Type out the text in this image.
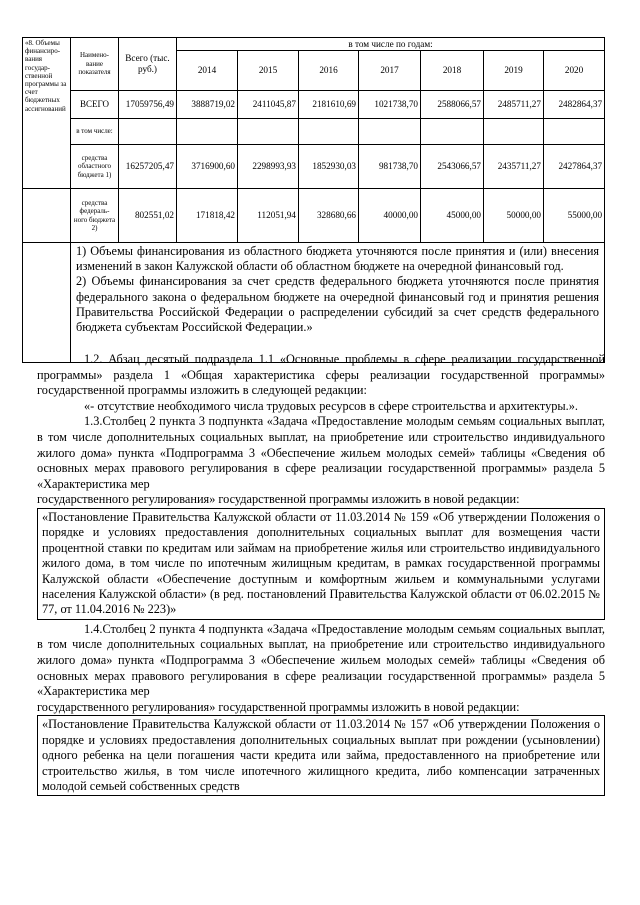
«8. Объемы финансиро-вания государ-ственной программы за счет бюджетных ассигнований	Наимено-вание показателя	Всего (тыс. руб.)	в том числе по годам:						
			2014	2015	2016	2017	2018	2019	2020
	ВСЕГО	17059756,49	3888719,02	2411045,87	2181610,69	1021738,70	2588066,57	2485711,27	2482864,37
	в том числе:								
	средства областного бюджета 1)	16257205,47	3716900,60	2298993,93	1852930,03	981738,70	2543066,57	2435711,27	2427864,37
	средства федераль-ного бюджета 2)	802551,02	171818,42	112051,94	328680,66	40000,00	45000,00	50000,00	55000,00

	1) Объемы финансирования из областного бюджета уточняются после принятия и (или) внесения изменений в закон Калужской области об областном бюджете на очередной финансовый год.

2) Объемы финансирования за счет средств федерального бюджета уточняются после принятия федерального закона о федеральном бюджете на очередной финансовый год и принятия решения Правительства Российской Федерации о распределении субсидий за счет средств федерального бюджета субъектам Российской Федерации.»								

1.2. Абзац десятый подраздела 1.1 «Основные проблемы в сфере реализации государственной программы» раздела 1 «Общая характеристика сферы реализации государственной программы» государственной программы изложить в следующей редакции:

«- отсутствие необходимого числа трудовых ресурсов в сфере строительства и архитектуры.».

1.3.Столбец 2 пункта 3 подпункта «Задача «Предоставление молодым семьям социальных выплат, в том числе дополнительных социальных выплат, на приобретение или строительство индивидуального жилого дома» пункта «Подпрограмма 3 «Обеспечение жильем молодых семей» таблицы «Сведения об основных мерах правового регулирования в сфере реализации государственной программы» раздела 5 «Характеристика мер

государственного регулирования» государственной программы изложить в новой редакции:

«Постановление Правительства Калужской области от 11.03.2014 № 159 «Об утверждении Положения о порядке и условиях предоставления дополнительных социальных выплат для возмещения части процентной ставки по кредитам или займам на приобретение жилья или строительство индивидуального жилого дома, в том числе по ипотечным жилищным кредитам, в рамках государственной программы Калужской области «Обеспечение доступным и комфортным жильем и коммунальными услугами населения Калужской области» (в ред. постановлений Правительства Калужской области от 06.02.2015 № 77, от 11.04.2016 № 223)»

1.4.Столбец 2 пункта 4 подпункта «Задача «Предоставление молодым семьям социальных выплат, в том числе дополнительных социальных выплат, на приобретение или строительство индивидуального жилого дома» пункта «Подпрограмма 3 «Обеспечение жильем молодых семей» таблицы «Сведения об основных мерах правового регулирования в сфере реализации государственной программы» раздела 5 «Характеристика мер

государственного регулирования» государственной программы изложить в новой редакции:

«Постановление Правительства Калужской области от 11.03.2014 № 157 «Об утверждении Положения о порядке и условиях предоставления дополнительных социальных выплат при рождении (усыновлении) одного ребенка на цели погашения части кредита или займа, предоставленного на приобретение или строительство жилья, в том числе ипотечного жилищного кредита, либо компенсации затраченных молодой семьей собственных средств
